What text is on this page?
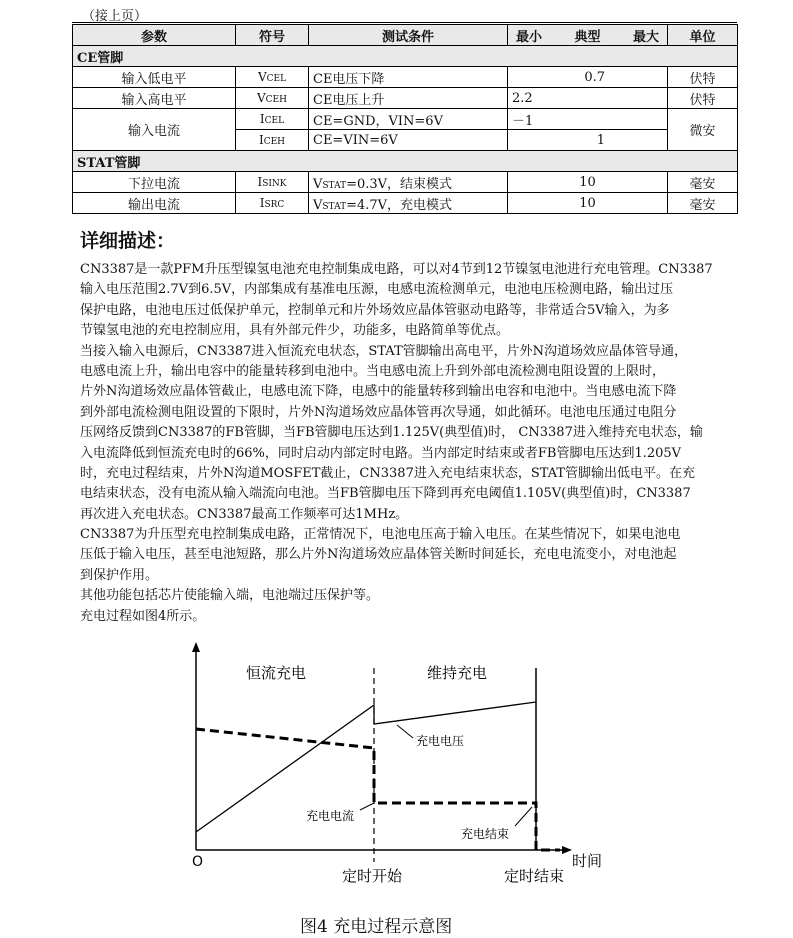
（接上页）
参数	符号	测试条件	最小 典型 最大	单位
CE管脚				
输入低电平	VCEL	CE电压下降	0.7	伏特
输入高电平	VCEH	CE电压上升	2.2	伏特
输入电流	ICEL	CE=GND，VIN=6V	－1	微安
	ICEH	CE=VIN=6V	1	
STAT管脚				
下拉电流	ISINK	VSTAT=0.3V，结束模式	10	毫安
输出电流	ISRC	VSTAT=4.7V，充电模式	10	毫安
详细描述：
CN3387是一款PFM升压型镍氢电池充电控制集成电路，可以对4节到12节镍氢电池进行充电管理。CN3387
输入电压范围2.7V到6.5V，内部集成有基准电压源，电感电流检测单元，电池电压检测电路，输出过压
保护电路，电池电压过低保护单元，控制单元和片外场效应晶体管驱动电路等，非常适合5V输入，为多
节镍氢电池的充电控制应用，具有外部元件少，功能多，电路简单等优点。
当接入输入电源后，CN3387进入恒流充电状态，STAT管脚输出高电平，片外N沟道场效应晶体管导通，
电感电流上升，输出电容中的能量转移到电池中。当电感电流上升到外部电流检测电阻设置的上限时，
片外N沟道场效应晶体管截止，电感电流下降，电感中的能量转移到输出电容和电池中。当电感电流下降
到外部电流检测电阻设置的下限时，片外N沟道场效应晶体管再次导通，如此循环。电池电压通过电阻分
压网络反馈到CN3387的FB管脚，当FB管脚电压达到1.125V(典型值)时， CN3387进入维持充电状态，输
入电流降低到恒流充电时的66%，同时启动内部定时电路。当内部定时结束或者FB管脚电压达到1.205V
时，充电过程结束，片外N沟道MOSFET截止，CN3387进入充电结束状态，STAT管脚输出低电平。在充
电结束状态，没有电流从输入端流向电池。当FB管脚电压下降到再充电阈值1.105V(典型值)时，CN3387
再次进入充电状态。CN3387最高工作频率可达1MHz。
CN3387为升压型充电控制集成电路，正常情况下，电池电压高于输入电压。在某些情况下，如果电池电
压低于输入电压，甚至电池短路，那么片外N沟道场效应晶体管关断时间延长，充电电流变小，对电池起
到保护作用。
其他功能包括芯片使能输入端，电池端过压保护等。
充电过程如图4所示。
恒流充电	维持充电
充电电压
充电电流
充电结束
O	时间
定时开始	定时结束
图4 充电过程示意图
